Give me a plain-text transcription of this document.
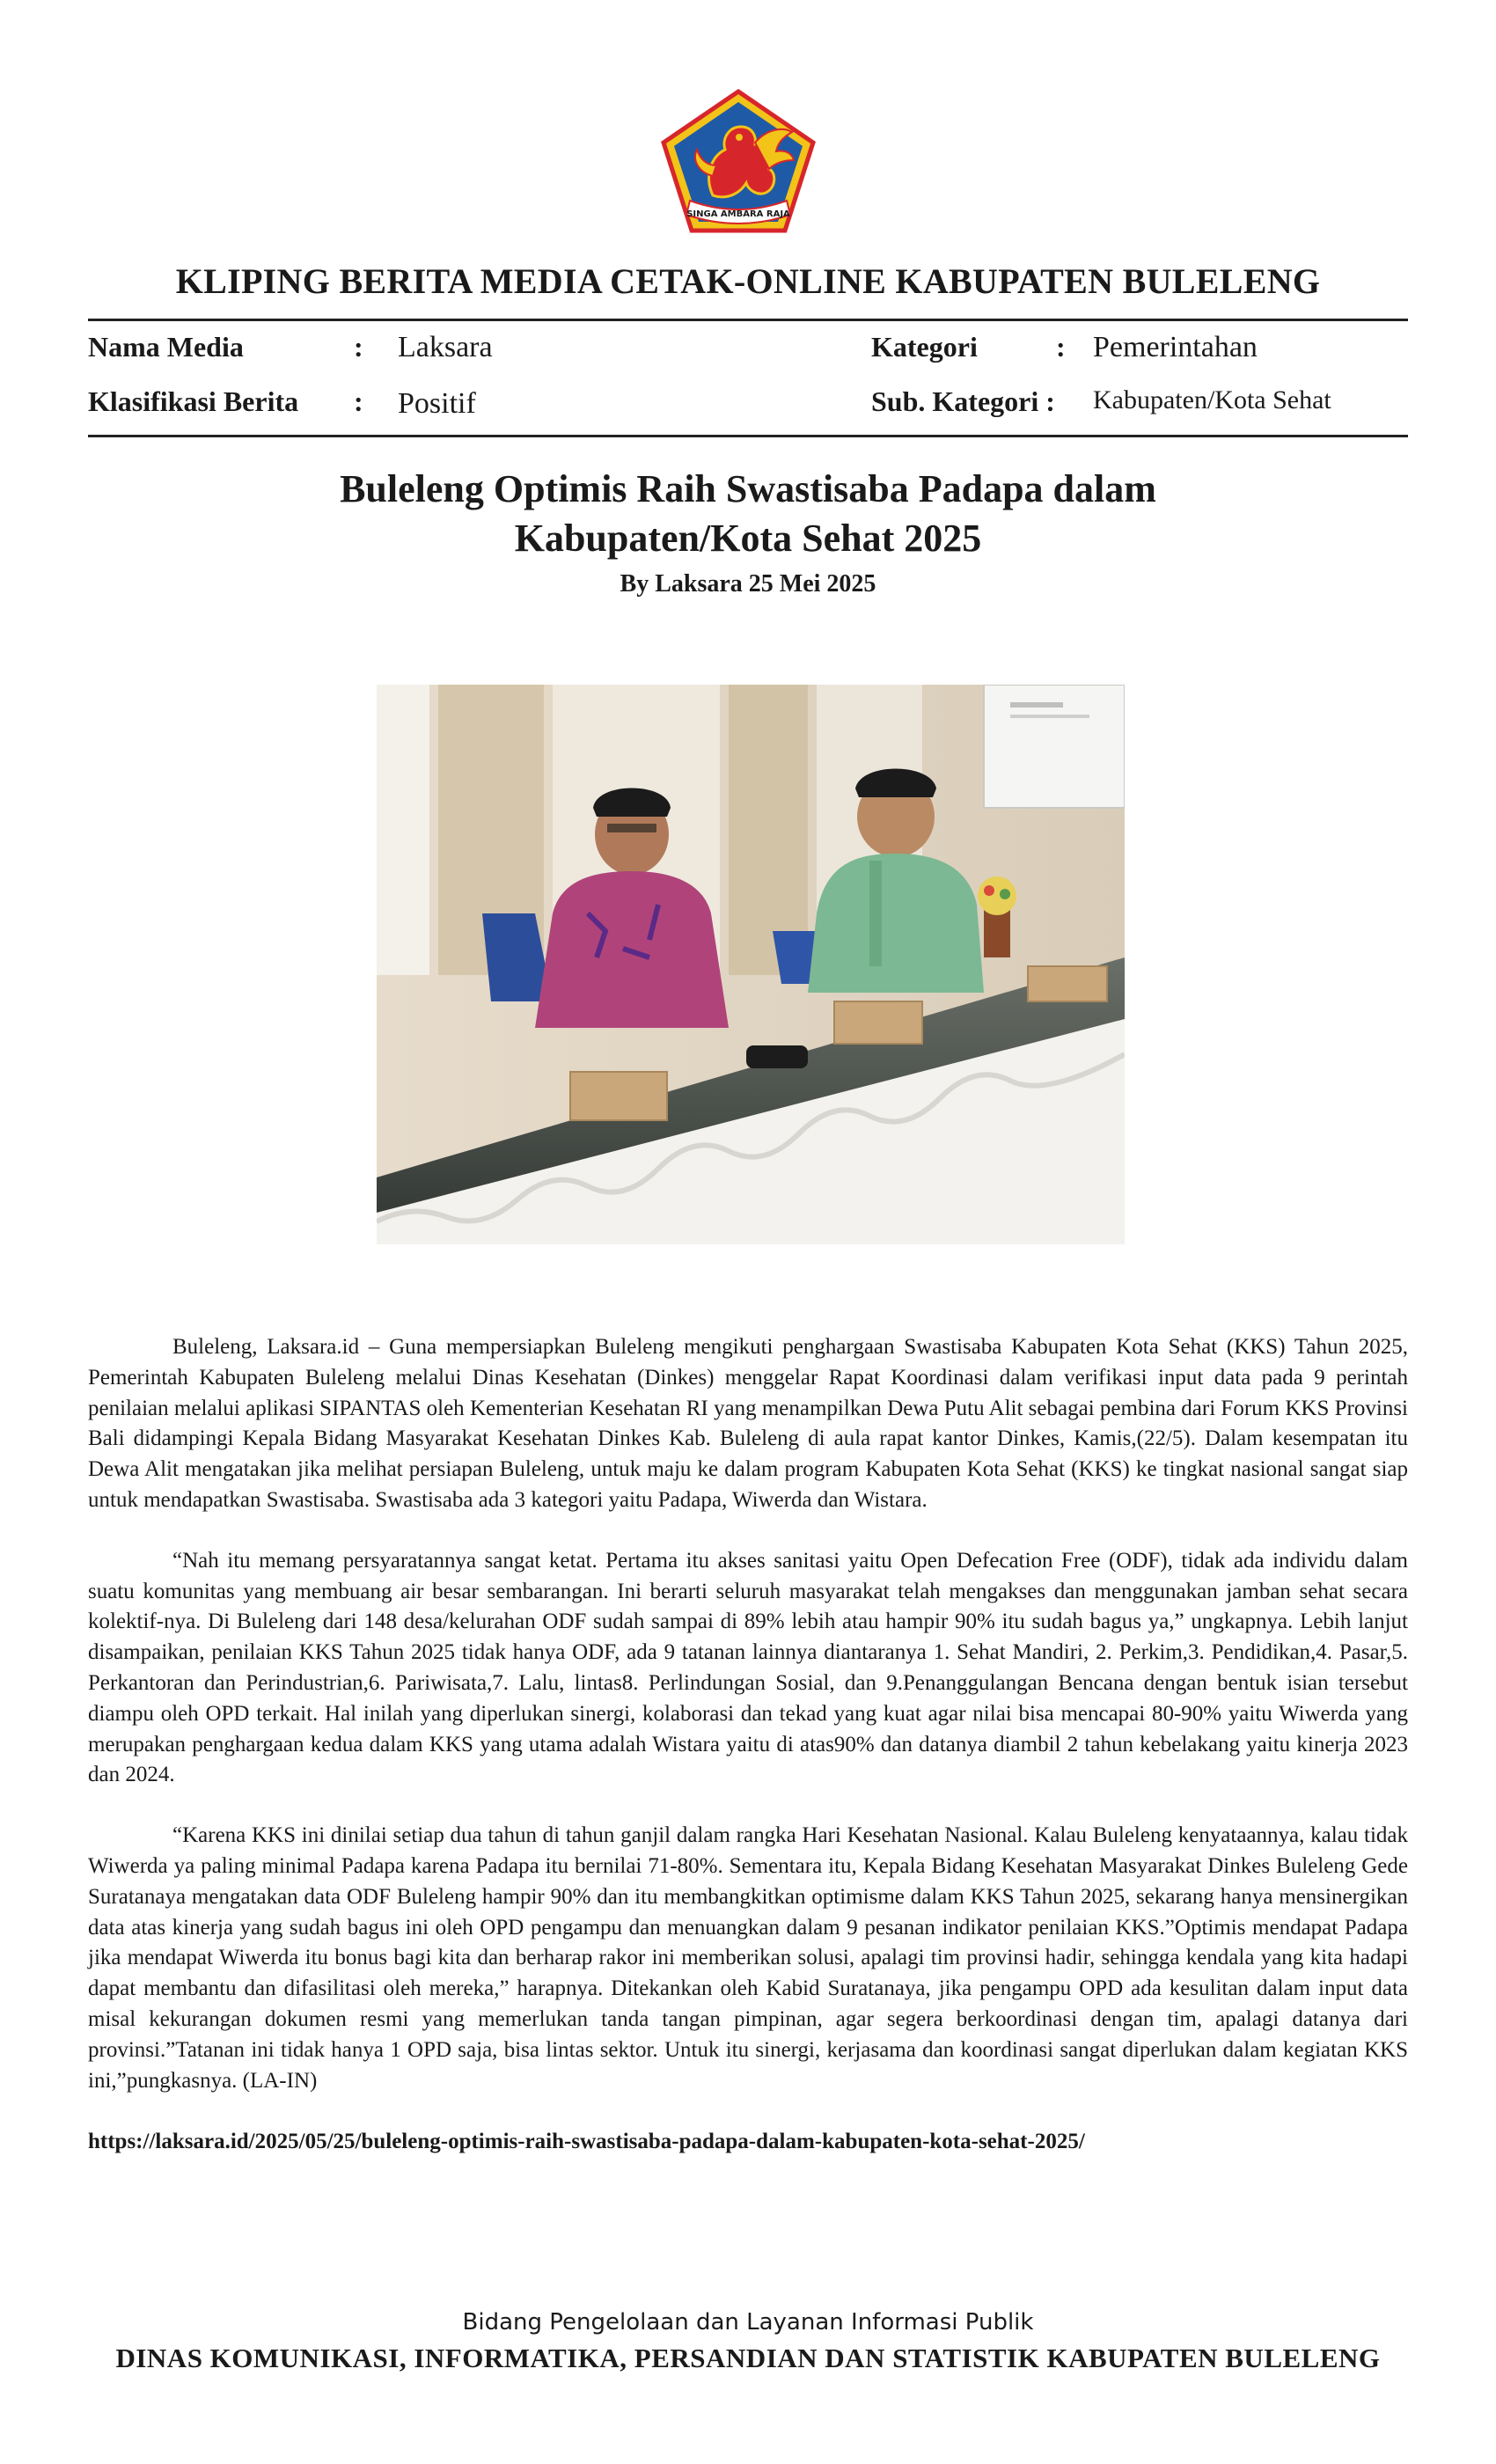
SINGA AMBARA RAJA
KLIPING BERITA MEDIA CETAK-ONLINE KABUPATEN BULELENG
Nama Media	: Laksara
Klasifikasi Berita : Positif
Kategori	: Pemerintahan
Sub. Kategori : Kabupaten/Kota Sehat
Buleleng Optimis Raih Swastisaba Padapa dalam
Kabupaten/Kota Sehat 2025
By Laksara 25 Mei 2025

Buleleng, Laksara.id – Guna mempersiapkan Buleleng mengikuti penghargaan Swastisaba Kabupaten Kota Sehat (KKS) Tahun 2025, Pemerintah Kabupaten Buleleng melalui Dinas Kesehatan (Dinkes) menggelar Rapat Koordinasi dalam verifikasi input data pada 9 perintah penilaian melalui aplikasi SIPANTAS oleh Kementerian Kesehatan RI yang menampilkan Dewa Putu Alit sebagai pembina dari Forum KKS Provinsi Bali didampingi Kepala Bidang Masyarakat Kesehatan Dinkes Kab. Buleleng di aula rapat kantor Dinkes, Kamis,(22/5). Dalam kesempatan itu Dewa Alit mengatakan jika melihat persiapan Buleleng, untuk maju ke dalam program Kabupaten Kota Sehat (KKS) ke tingkat nasional sangat siap untuk mendapatkan Swastisaba. Swastisaba ada 3 kategori yaitu Padapa, Wiwerda dan Wistara.

“Nah itu memang persyaratannya sangat ketat. Pertama itu akses sanitasi yaitu Open Defecation Free (ODF), tidak ada individu dalam suatu komunitas yang membuang air besar sembarangan. Ini berarti seluruh masyarakat telah mengakses dan menggunakan jamban sehat secara kolektif-nya. Di Buleleng dari 148 desa/kelurahan ODF sudah sampai di 89% lebih atau hampir 90% itu sudah bagus ya,” ungkapnya. Lebih lanjut disampaikan, penilaian KKS Tahun 2025 tidak hanya ODF, ada 9 tatanan lainnya diantaranya 1. Sehat Mandiri, 2. Perkim,3. Pendidikan,4. Pasar,5. Perkantoran dan Perindustrian,6. Pariwisata,7. Lalu, lintas8. Perlindungan Sosial, dan 9.Penanggulangan Bencana dengan bentuk isian tersebut diampu oleh OPD terkait. Hal inilah yang diperlukan sinergi, kolaborasi dan tekad yang kuat agar nilai bisa mencapai 80-90% yaitu Wiwerda yang merupakan penghargaan kedua dalam KKS yang utama adalah Wistara yaitu di atas90% dan datanya diambil 2 tahun kebelakang yaitu kinerja 2023 dan 2024.

“Karena KKS ini dinilai setiap dua tahun di tahun ganjil dalam rangka Hari Kesehatan Nasional. Kalau Buleleng kenyataannya, kalau tidak Wiwerda ya paling minimal Padapa karena Padapa itu bernilai 71-80%. Sementara itu, Kepala Bidang Kesehatan Masyarakat Dinkes Buleleng Gede Suratanaya mengatakan data ODF Buleleng hampir 90% dan itu membangkitkan optimisme dalam KKS Tahun 2025, sekarang hanya mensinergikan data atas kinerja yang sudah bagus ini oleh OPD pengampu dan menuangkan dalam 9 pesanan indikator penilaian KKS.”Optimis mendapat Padapa jika mendapat Wiwerda itu bonus bagi kita dan berharap rakor ini memberikan solusi, apalagi tim provinsi hadir, sehingga kendala yang kita hadapi dapat membantu dan difasilitasi oleh mereka,” harapnya. Ditekankan oleh Kabid Suratanaya, jika pengampu OPD ada kesulitan dalam input data misal kekurangan dokumen resmi yang memerlukan tanda tangan pimpinan, agar segera berkoordinasi dengan tim, apalagi datanya dari provinsi.”Tatanan ini tidak hanya 1 OPD saja, bisa lintas sektor. Untuk itu sinergi, kerjasama dan koordinasi sangat diperlukan dalam kegiatan KKS ini,”pungkasnya. (LA-IN)

https://laksara.id/2025/05/25/buleleng-optimis-raih-swastisaba-padapa-dalam-kabupaten-kota-sehat-2025/
Bidang Pengelolaan dan Layanan Informasi Publik
DINAS KOMUNIKASI, INFORMATIKA, PERSANDIAN DAN STATISTIK KABUPATEN BULELENG
